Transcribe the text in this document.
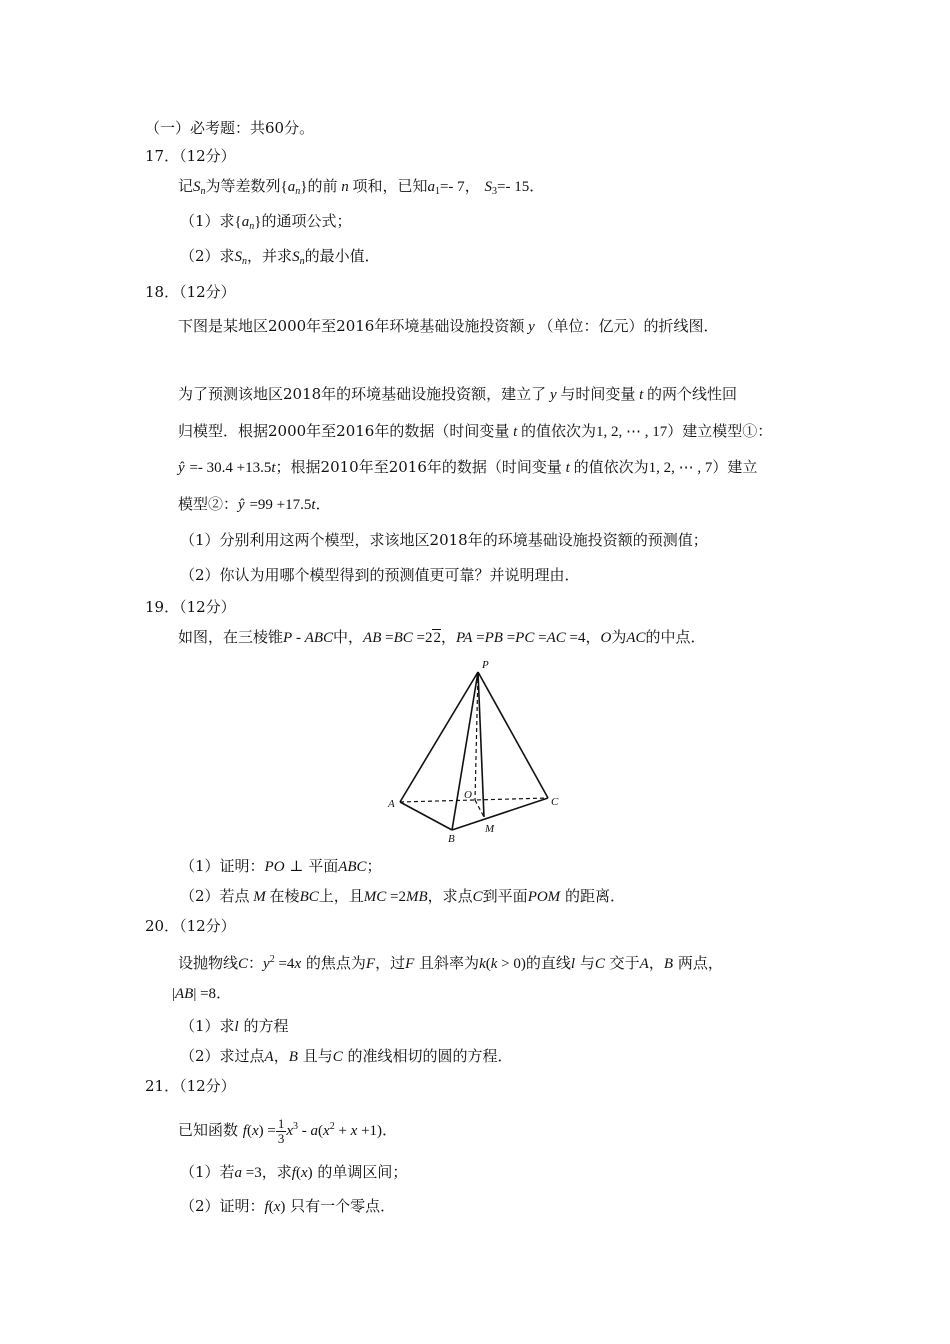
（一）必考题：共60分。
17．（12分）
记$S_n$为等差数列$\{a_n\}$的前 n 项和，已知$a_1=-$ 7， $S_3=-$ 15．
（1）求$\{a_n\}$的通项公式；
（2）求$S_n$，并求$S_n$的最小值．
18．（12分）
下图是某地区2000年至2016年环境基础设施投资额 y （单位：亿元）的折线图．
为了预测该地区2018年的环境基础设施投资额，建立了 y 与时间变量 t 的两个线性回
归模型．根据2000年至2016年的数据（时间变量 t 的值依次为1, 2, ⋯ , 17）建立模型①：
ŷ =- 30.4 +13.5t；根据2010年至2016年的数据（时间变量 t 的值依次为1, 2, ⋯ , 7）建立
模型②：ŷ =99 +17.5t．
（1）分别利用这两个模型，求该地区2018年的环境基础设施投资额的预测值；
（2）你认为用哪个模型得到的预测值更可靠？并说明理由．
19．（12分）
如图，在三棱锥P - ABC中，AB =BC =22，PA =PB =PC =AC =4，O为AC的中点．
P
A	C
O
B
M
（1）证明：PO ⊥ 平面ABC；
（2）若点 M 在棱BC上，且MC =2MB，求点C到平面POM 的距离．
20．（12分）
设抛物线C：$y^2 =4x$ 的焦点为F，过F 且斜率为k(k > 0)的直线l 与C 交于A，B 两点，
|AB| =8．
（1）求l 的方程
（2）求过点A，B 且与C 的准线相切的圆的方程．
21．（12分）
已知函数 $f(x) = \frac{1}{3} x^3 - a(x^2 + x +1)$．
（1）若a =3，求f(x) 的单调区间；
（2）证明：f(x) 只有一个零点．
